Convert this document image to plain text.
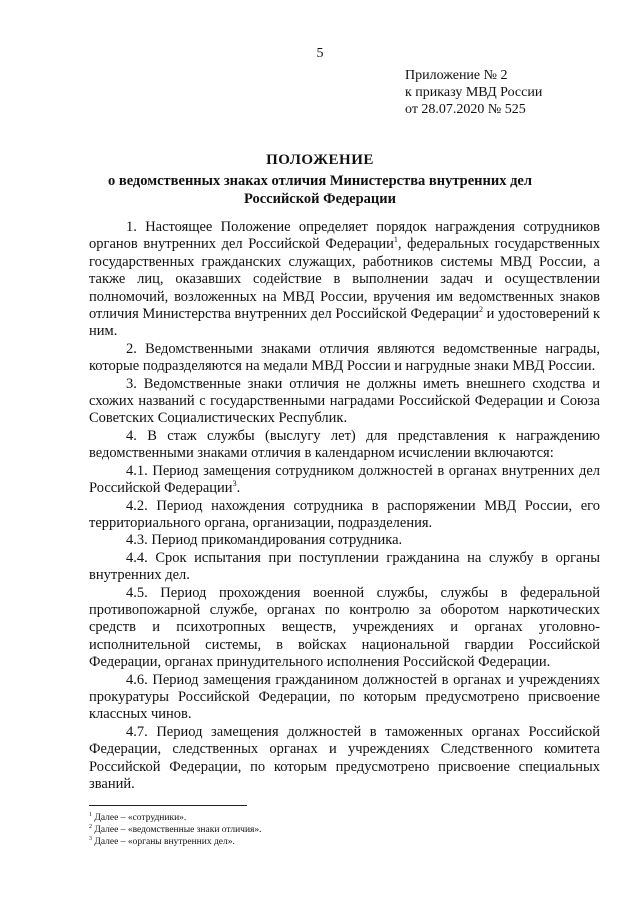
5
Приложение № 2
к приказу МВД России
от 28.07.2020 № 525
ПОЛОЖЕНИЕ
о ведомственных знаках отличия Министерства внутренних дел
Российской Федерации

1. Настоящее Положение определяет порядок награждения сотрудников органов внутренних дел Российской Федерации$^1$, федеральных государственных государственных гражданских служащих, работников системы МВД России, а также лиц, оказавших содействие в выполнении задач и осуществлении полномочий, возложенных на МВД России, вручения им ведомственных знаков отличия Министерства внутренних дел Российской Федерации$^2$ и удостоверений к ним.

2. Ведомственными знаками отличия являются ведомственные награды, которые подразделяются на медали МВД России и нагрудные знаки МВД России.

3. Ведомственные знаки отличия не должны иметь внешнего сходства и схожих названий с государственными наградами Российской Федерации и Союза Советских Социалистических Республик.

4. В стаж службы (выслугу лет) для представления к награждению ведомственными знаками отличия в календарном исчислении включаются:

4.1. Период замещения сотрудником должностей в органах внутренних дел Российской Федерации$^3$.

4.2. Период нахождения сотрудника в распоряжении МВД России, его территориального органа, организации, подразделения.

4.3. Период прикомандирования сотрудника.

4.4. Срок испытания при поступлении гражданина на службу в органы внутренних дел.

4.5. Период прохождения военной службы, службы в федеральной противопожарной службе, органах по контролю за оборотом наркотических средств и психотропных веществ, учреждениях и органах уголовно-исполнительной системы, в войсках национальной гвардии Российской Федерации, органах принудительного исполнения Российской Федерации.

4.6. Период замещения гражданином должностей в органах и учреждениях прокуратуры Российской Федерации, по которым предусмотрено присвоение классных чинов.

4.7. Период замещения должностей в таможенных органах Российской Федерации, следственных органах и учреждениях Следственного комитета Российской Федерации, по которым предусмотрено присвоение специальных званий.

$^1$ Далее – «сотрудники».
$^2$ Далее – «ведомственные знаки отличия».
$^3$ Далее – «органы внутренних дел».
